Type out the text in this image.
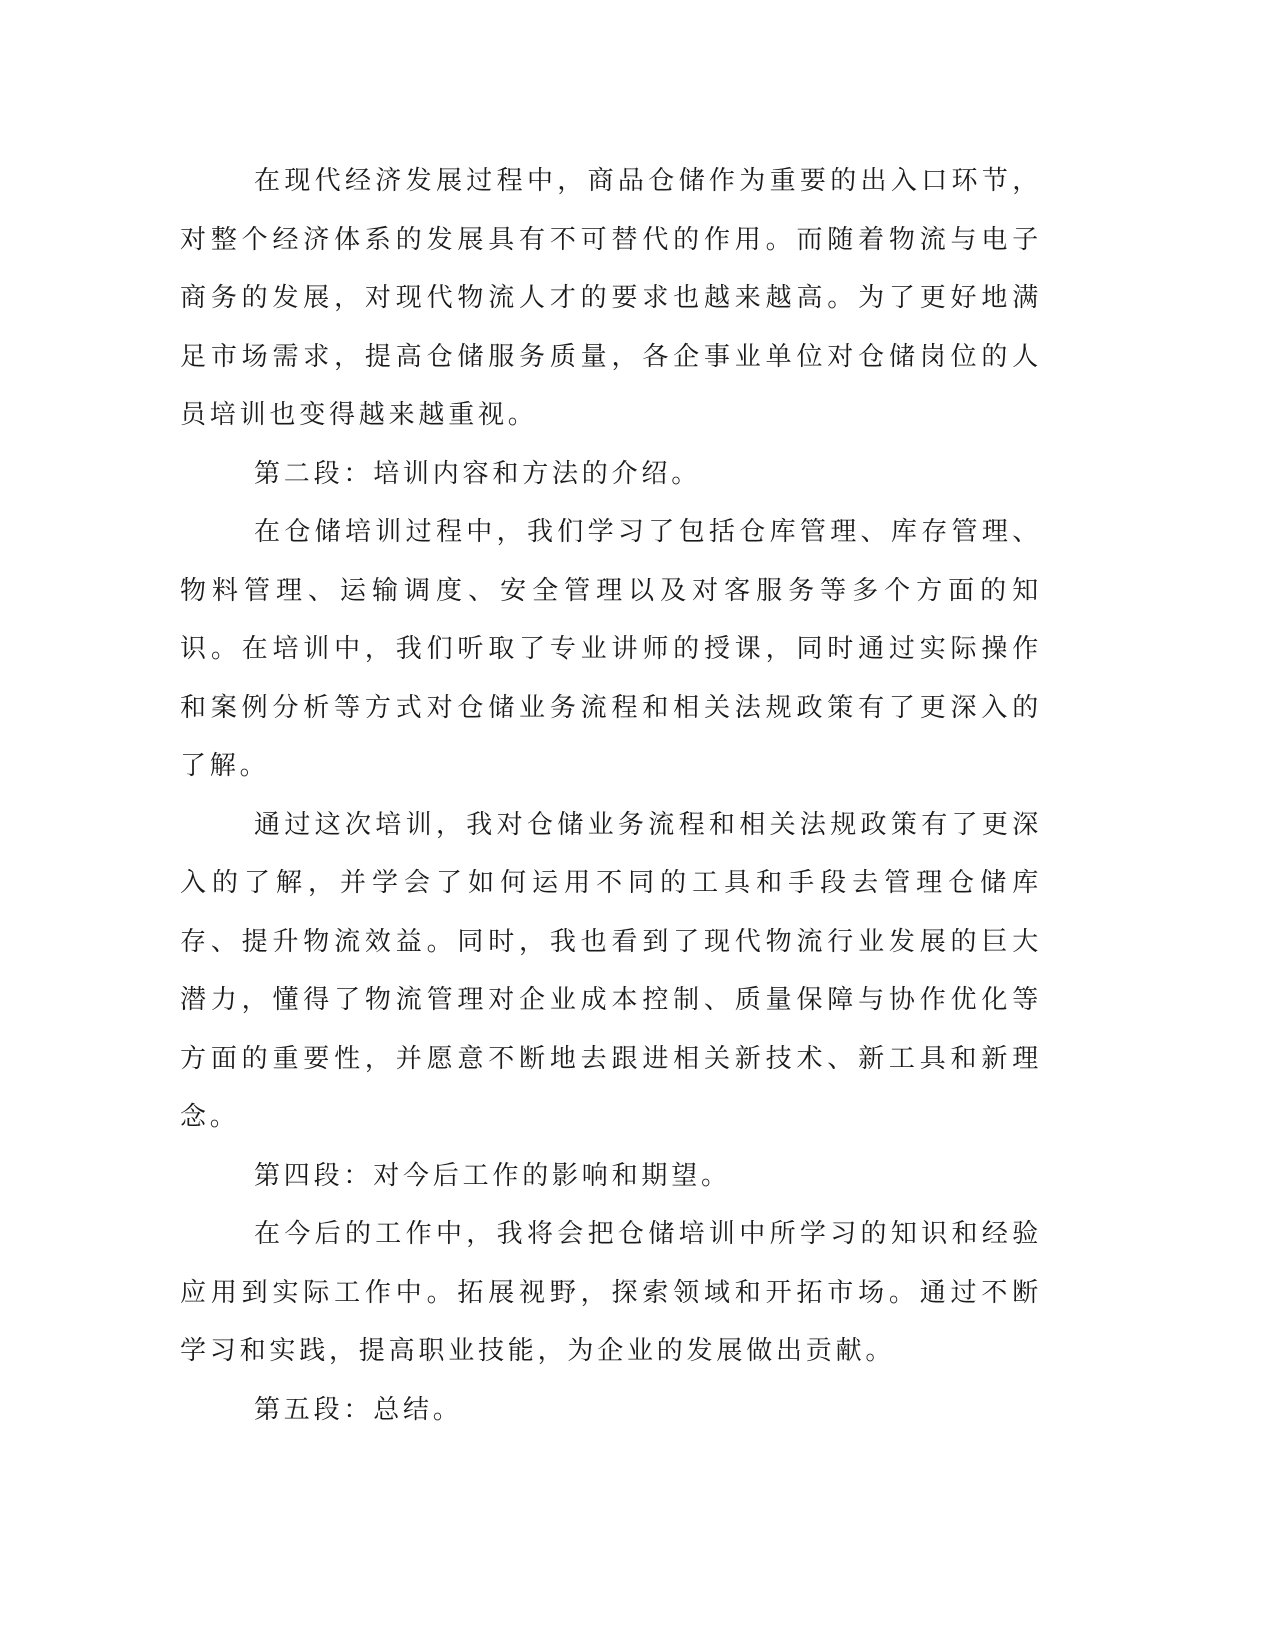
在现代经济发展过程中，商品仓储作为重要的出入口环节，对整个经济体系的发展具有不可替代的作用。而随着物流与电子商务的发展，对现代物流人才的要求也越来越高。为了更好地满足市场需求，提高仓储服务质量，各企事业单位对仓储岗位的人员培训也变得越来越重视。

第二段：培训内容和方法的介绍。

在仓储培训过程中，我们学习了包括仓库管理、库存管理、物料管理、运输调度、安全管理以及对客服务等多个方面的知识。在培训中，我们听取了专业讲师的授课，同时通过实际操作和案例分析等方式对仓储业务流程和相关法规政策有了更深入的了解。

通过这次培训，我对仓储业务流程和相关法规政策有了更深入的了解，并学会了如何运用不同的工具和手段去管理仓储库存、提升物流效益。同时，我也看到了现代物流行业发展的巨大潜力，懂得了物流管理对企业成本控制、质量保障与协作优化等方面的重要性，并愿意不断地去跟进相关新技术、新工具和新理念。

第四段：对今后工作的影响和期望。

在今后的工作中，我将会把仓储培训中所学习的知识和经验应用到实际工作中。拓展视野，探索领域和开拓市场。通过不断学习和实践，提高职业技能，为企业的发展做出贡献。

第五段：总结。
